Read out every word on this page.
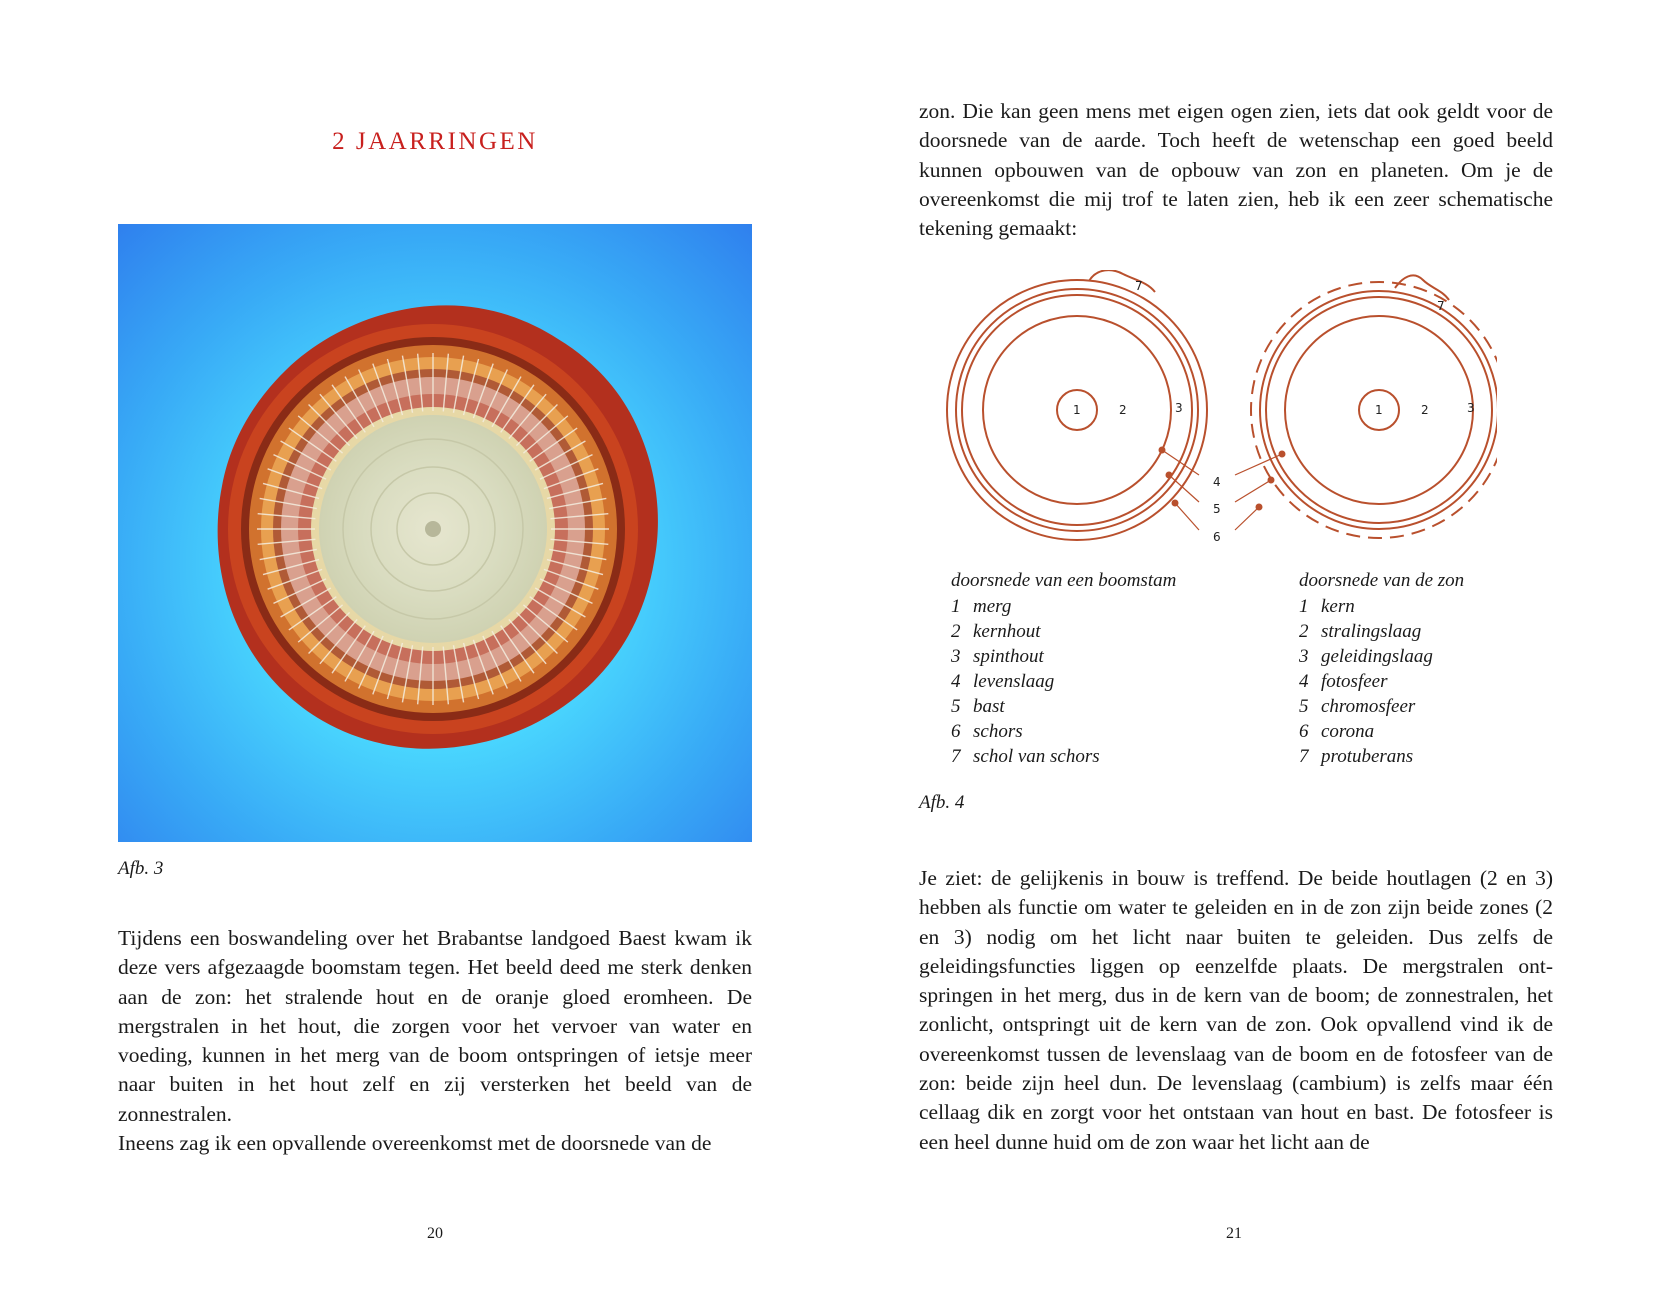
2 JAARRINGEN
Afb. 3

Tijdens een boswandeling over het Brabantse landgoed Baest kwam ik deze vers afgezaagde boomstam tegen. Het beeld deed me sterk denken aan de zon: het stralende hout en de oranje gloed eromheen. De mergstralen in het hout, die zorgen voor het vervoer van water en voeding, kunnen in het merg van de boom ontspringen of ietsje meer naar buiten in het hout zelf en zij versterken het beeld van de zonnestralen.

Ineens zag ik een opvallende overeenkomst met de doorsnede van de

20
zon. Die kan geen mens met eigen ogen zien, iets dat ook geldt voor de doorsnede van de aarde. Toch heeft de wetenschap een goed beeld kunnen opbouwen van de opbouw van zon en planeten. Om je de overeenkomst die mij trof te laten zien, heb ik een zeer schematische tekening gemaakt:
1	2	3
7
1	2	3
7
4
5
6
doorsnede van een boomstam
1 merg
2 kernhout
3 spinthout
4 levenslaag
5 bast
6 schors
7 schol van schors
doorsnede van de zon
1 kern
2 stralingslaag
3 geleidingslaag
4 fotosfeer
5 chromosfeer
6 corona
7 protuberans
Afb. 4
Je ziet: de gelijkenis in bouw is treffend. De beide houtlagen (2 en 3) hebben als functie om water te geleiden en in de zon zijn beide zones (2 en 3) nodig om het licht naar buiten te geleiden. Dus zelfs de geleidingsfuncties liggen op eenzelfde plaats. De mergstralen ontspringen in het merg, dus in de kern van de boom; de zonnestralen, het zonlicht, ontspringt uit de kern van de zon. Ook opvallend vind ik de overeenkomst tussen de levenslaag van de boom en de fotosfeer van de zon: beide zijn heel dun. De levenslaag (cambium) is zelfs maar één cellaag dik en zorgt voor het ontstaan van hout en bast. De fotosfeer is een heel dunne huid om de zon waar het licht aan de
21
